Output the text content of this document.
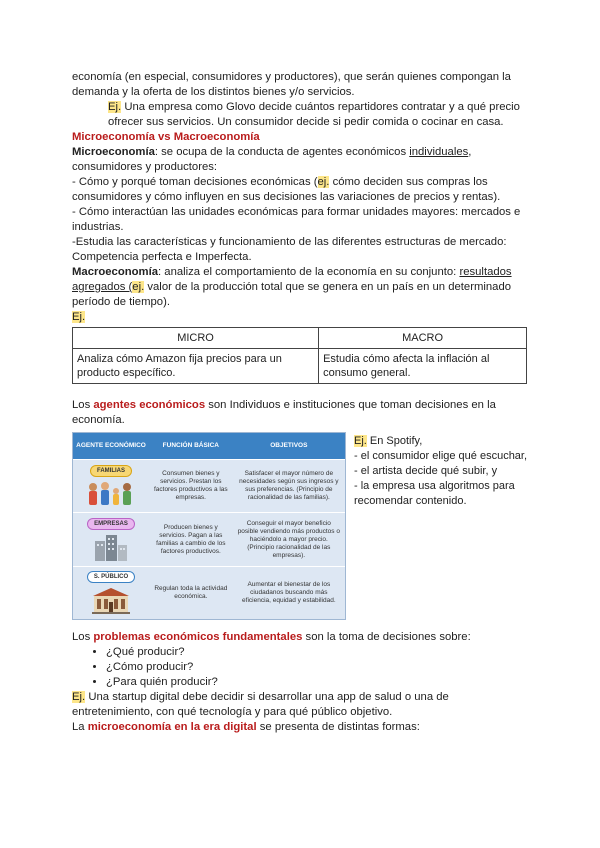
economía (en especial, consumidores y productores), que serán quienes compongan la demanda y la oferta de los distintos bienes y/o servicios.

Ej. Una empresa como Glovo decide cuántos repartidores contratar y a qué precio ofrecer sus servicios. Un consumidor decide si pedir comida o cocinar en casa.

Microeconomía vs Macroeconomía

Microeconomía: se ocupa de la conducta de agentes económicos individuales, consumidores y productores:

- Cómo y porqué toman decisiones económicas (ej. cómo deciden sus compras los consumidores y cómo influyen en sus decisiones las variaciones de precios y rentas).

- Cómo interactúan las unidades económicas para formar unidades mayores: mercados e industrias.

-Estudia las características y funcionamiento de las diferentes estructuras de mercado: Competencia perfecta e Imperfecta.

Macroeconomía: analiza el comportamiento de la economía en su conjunto: resultados agregados (ej. valor de la producción total que se genera en un país en un determinado período de tiempo).

Ej.

MICRO	MACRO
Analiza cómo Amazon fija precios para un producto específico.	Estudia cómo afecta la inflación al consumo general.

Los agentes económicos son Individuos e instituciones que toman decisiones en la economía.

AGENTE ECONÓMICO	FUNCIÓN BÁSICA	OBJETIVOS
FAMILIAS	Consumen bienes y servicios. Prestan los factores productivos a las empresas.	Satisfacer el mayor número de necesidades según sus ingresos y sus preferencias. (Principio de racionalidad de las familias).
EMPRESAS	Producen bienes y servicios. Pagan a las familias a cambio de los factores productivos.	Conseguir el mayor beneficio posible vendiendo más productos o haciéndolo a mayor precio. (Principio racionalidad de las empresas).
S. PÚBLICO	Regulan toda la actividad económica.	Aumentar el bienestar de los ciudadanos buscando más eficiencia, equidad y estabilidad.

Ej. En Spotify,

- el consumidor elige qué escuchar,

- el artista decide qué subir, y

- la empresa usa algoritmos para recomendar contenido.

Los problemas económicos fundamentales son la toma de decisiones sobre:

• ¿Qué producir?
• ¿Cómo producir?
• ¿Para quién producir?

Ej. Una startup digital debe decidir si desarrollar una app de salud o una de entretenimiento, con qué tecnología y para qué público objetivo.

La microeconomía en la era digital se presenta de distintas formas:
